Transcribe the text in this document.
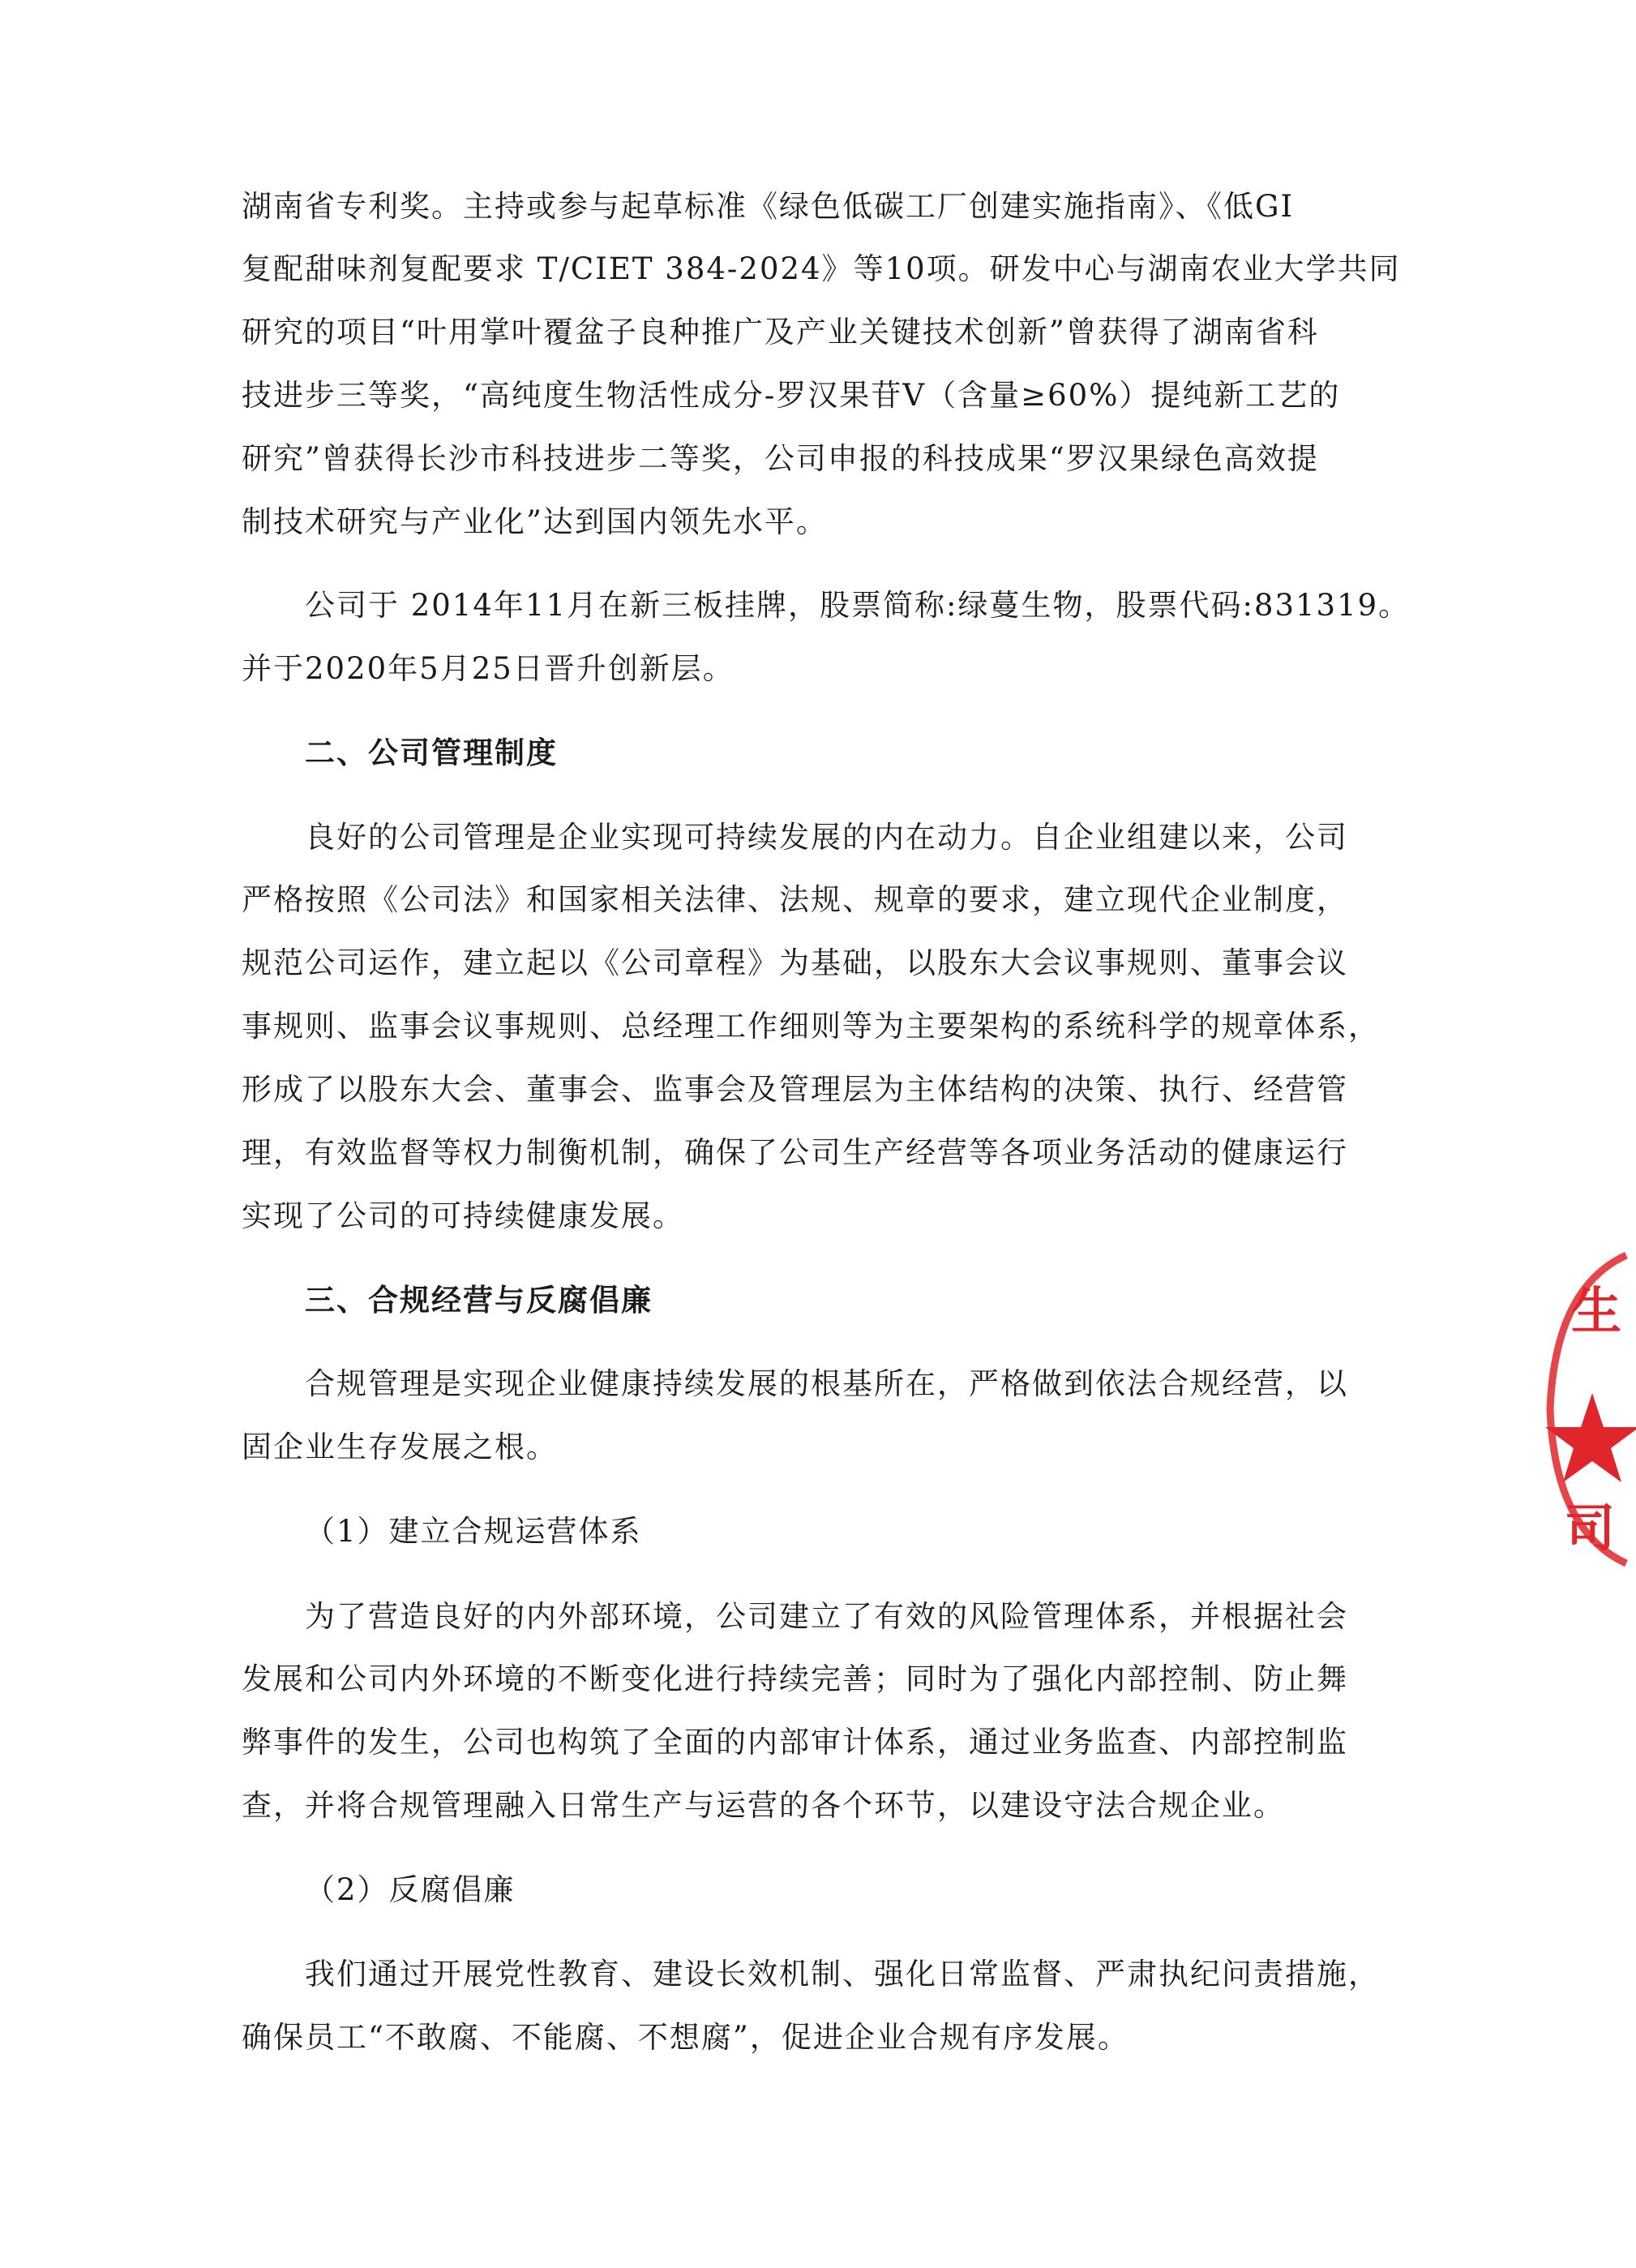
湖南省专利奖。主持或参与起草标准《绿色低碳工厂创建实施指南》、《低GI
复配甜味剂复配要求 T/CIET 384-2024》等10项。研发中心与湖南农业大学共同
研究的项目“叶用掌叶覆盆子良种推广及产业关键技术创新”曾获得了湖南省科
技进步三等奖，“高纯度生物活性成分-罗汉果苷V（含量≥60%）提纯新工艺的
研究”曾获得长沙市科技进步二等奖，公司申报的科技成果“罗汉果绿色高效提
制技术研究与产业化”达到国内领先水平。
公司于 2014年11月在新三板挂牌，股票简称:绿蔓生物，股票代码:831319。
并于2020年5月25日晋升创新层。
二、公司管理制度
良好的公司管理是企业实现可持续发展的内在动力。自企业组建以来，公司
严格按照《公司法》和国家相关法律、法规、规章的要求，建立现代企业制度，
规范公司运作，建立起以《公司章程》为基础，以股东大会议事规则、董事会议
事规则、监事会议事规则、总经理工作细则等为主要架构的系统科学的规章体系，
形成了以股东大会、董事会、监事会及管理层为主体结构的决策、执行、经营管
理，有效监督等权力制衡机制，确保了公司生产经营等各项业务活动的健康运行
实现了公司的可持续健康发展。
三、合规经营与反腐倡廉
合规管理是实现企业健康持续发展的根基所在，严格做到依法合规经营，以
固企业生存发展之根。
（1）建立合规运营体系
为了营造良好的内外部环境，公司建立了有效的风险管理体系，并根据社会
发展和公司内外环境的不断变化进行持续完善；同时为了强化内部控制、防止舞
弊事件的发生，公司也构筑了全面的内部审计体系，通过业务监查、内部控制监
查，并将合规管理融入日常生产与运营的各个环节，以建设守法合规企业。
（2）反腐倡廉
我们通过开展党性教育、建设长效机制、强化日常监督、严肃执纪问责措施，
确保员工“不敢腐、不能腐、不想腐”，促进企业合规有序发展。
生
司
